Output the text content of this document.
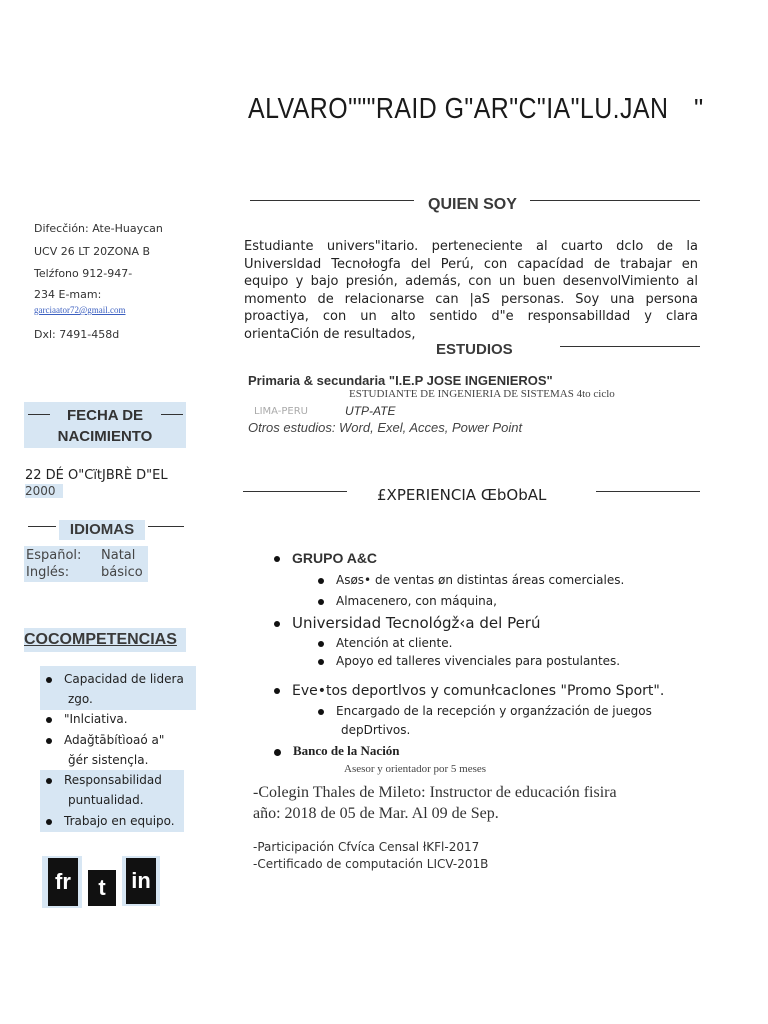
ALVARO"""RAID G"AR"C"IA"LU.JAN "
Difecčión: Ate-Huaycan
UCV 26 LT 20ZONA B
Telźfono 912-947-
234 E-mam:
garciaator72@gmail.com
Dxl: 7491-458d
QUIEN SOY
Estudiante univers"itario. perteneciente al cuarto dcIo de la Universldad Tecnołogfa del Perú, con capacídad de trabajar en equipo y bajo presión, además, con un buen desenvolVimiento al momento de relacionarse can |aS personas. Soy una persona proactiya, con un alto sentido d"e responsabilldad y clara orientaCión de resultados,
ESTUDIOS
Primaria & secundaria "I.E.P JOSE INGENIEROS"
ESTUDIANTE DE INGENIERIA DE SISTEMAS 4to ciclo
LIMA-PERU	UTP-ATE
Otros estudios: Word, Exel, Acces, Power Point
FECHA DE
NACIMIENTO
22 DÉ O"CïtJBRÈ D"EL
2000
IDIOMAS
Español: Natal
Inglés: básico
COCOMPETENCIAS
Capacidad de lidera
zgo.
"Inlciativa.
Adağtābítìoaó a"
ğér sistençla.
Responsabilidad
puntualidad.
Trabajo en equipo.
fr	t	in
£XPERIENCIA ŒbObAL
GRUPO A&C
Asøs• de ventas øn distintas áreas comerciales.
Almacenero, con máquina,
Universidad Tecnológž‹a del Perú
Atención at cliente.
Apoyo ed talleres vivenciales para postulantes.
Eve•tos deportlvos y comunłcaclones "Promo Sport".
Encargado de la recepción y organźzación de juegos
depDrtivos.
Banco de la Nación
Asesor y orientador por 5 meses
-Colegin Thales de Mileto: Instructor de educación fisira
año: 2018 de 05 de Mar. Al 09 de Sep.
-Participación Cfvíca Censal łKFl-2017
-Certificado de computación LICV-201B
